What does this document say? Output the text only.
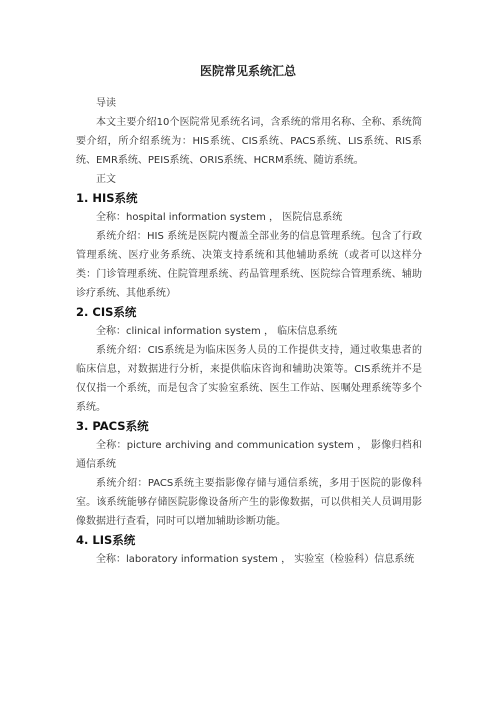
医院常见系统汇总

导读

本文主要介绍10个医院常见系统名词，含系统的常用名称、全称、系统简要介绍，所介绍系统为：HIS系统、CIS系统、PACS系统、LIS系统、RIS系统、EMR系统、PEIS系统、ORIS系统、HCRM系统、随访系统。

正文

1. HIS系统

全称：hospital information system ， 医院信息系统

系统介绍：HIS 系统是医院内覆盖全部业务的信息管理系统。包含了行政管理系统、医疗业务系统、决策支持系统和其他辅助系统（或者可以这样分类：门诊管理系统、住院管理系统、药品管理系统、医院综合管理系统、辅助诊疗系统、其他系统）

2. CIS系统

全称：clinical information system ， 临床信息系统

系统介绍：CIS系统是为临床医务人员的工作提供支持，通过收集患者的临床信息，对数据进行分析，来提供临床咨询和辅助决策等。CIS系统并不是仅仅指一个系统，而是包含了实验室系统、医生工作站、医嘱处理系统等多个系统。

3. PACS系统

全称：picture archiving and communication system ， 影像归档和通信系统

系统介绍：PACS系统主要指影像存储与通信系统，多用于医院的影像科室。该系统能够存储医院影像设备所产生的影像数据，可以供相关人员调用影像数据进行查看，同时可以增加辅助诊断功能。

4. LIS系统

全称：laboratory information system ， 实验室（检验科）信息系统
